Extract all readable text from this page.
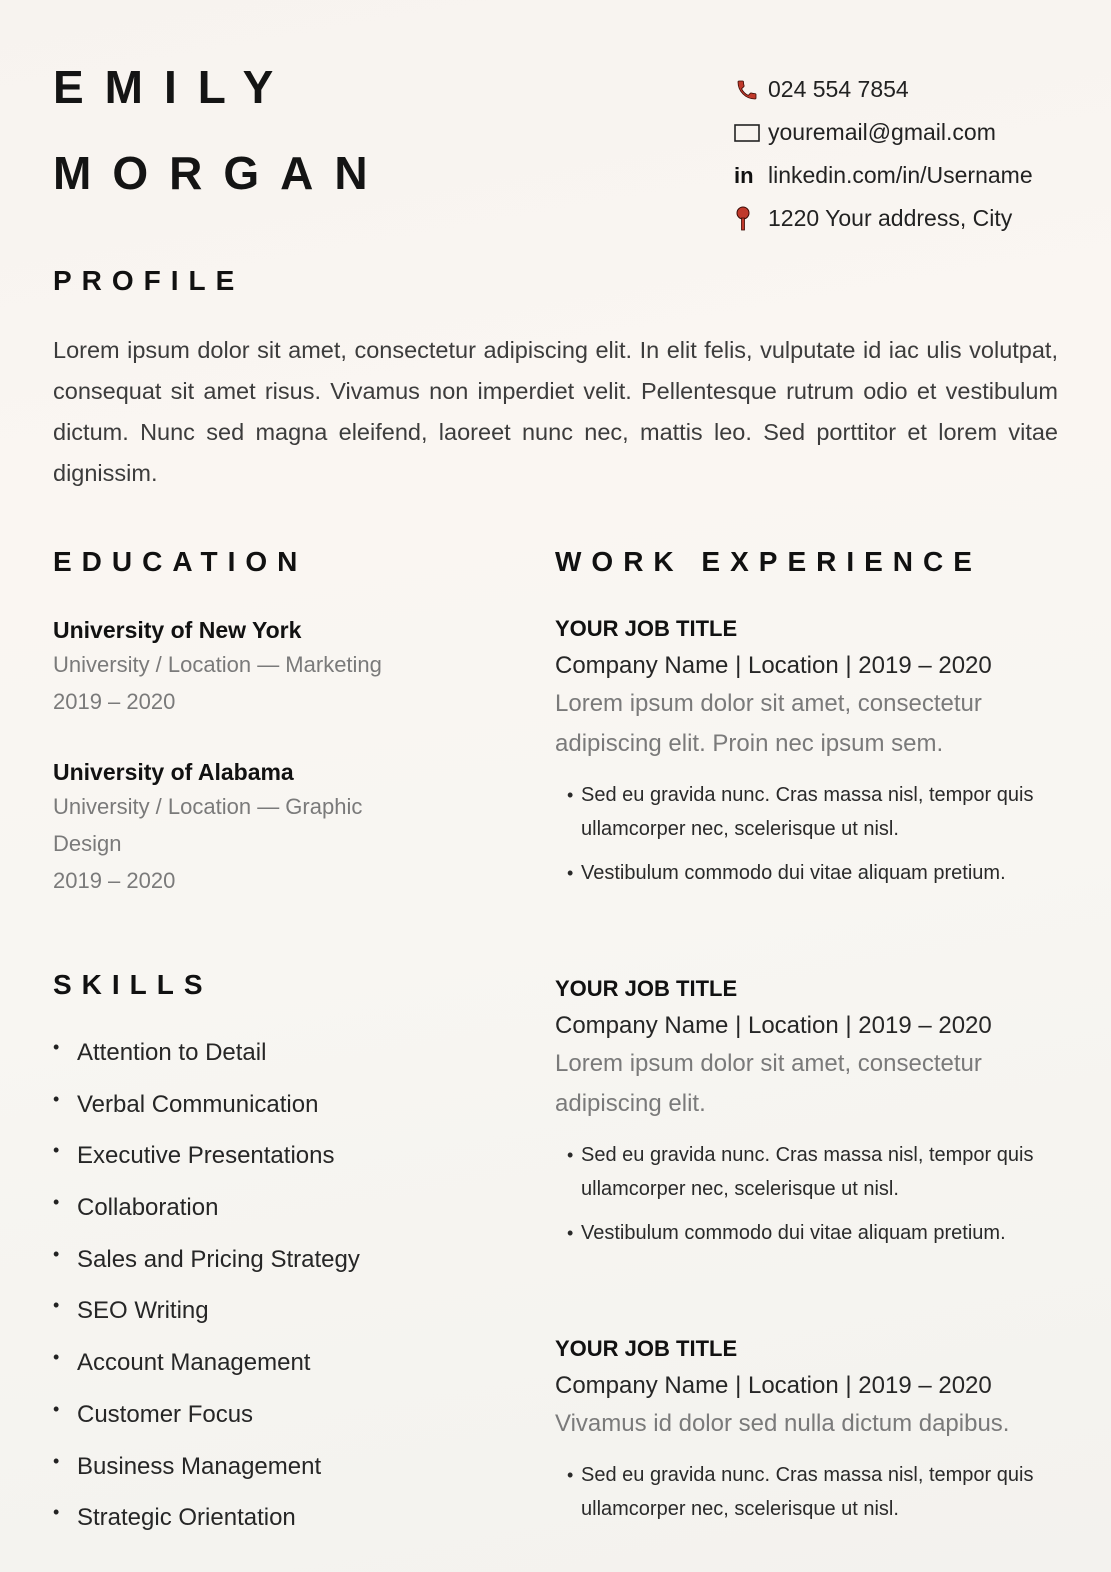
EMILY
MORGAN
024 554 7854
youremail@gmail.com
in linkedin.com/in/Username
1220 Your address, City
PROFILE
Lorem ipsum dolor sit amet, consectetur adipiscing elit. In elit felis, vulputate id iac ulis volutpat, consequat sit amet risus. Vivamus non imperdiet velit. Pellentesque rutrum odio et vestibulum dictum. Nunc sed magna eleifend, laoreet nunc nec, mattis leo. Sed porttitor et lorem vitae dignissim.
EDUCATION
University of New York
University / Location — Marketing
2019 – 2020
University of Alabama
University / Location — Graphic Design
2019 – 2020
SKILLS
• Attention to Detail
• Verbal Communication
• Executive Presentations
• Collaboration
• Sales and Pricing Strategy
• SEO Writing
• Account Management
• Customer Focus
• Business Management
• Strategic Orientation
WORK EXPERIENCE
YOUR JOB TITLE
Company Name | Location | 2019 – 2020
Lorem ipsum dolor sit amet, consectetur adipiscing elit. Proin nec ipsum sem.
• Sed eu gravida nunc. Cras massa nisl, tempor quis ullamcorper nec, scelerisque ut nisl.
• Vestibulum commodo dui vitae aliquam pretium.
YOUR JOB TITLE
Company Name | Location | 2019 – 2020
Lorem ipsum dolor sit amet, consectetur adipiscing elit.
• Sed eu gravida nunc. Cras massa nisl, tempor quis ullamcorper nec, scelerisque ut nisl.
• Vestibulum commodo dui vitae aliquam pretium.
YOUR JOB TITLE
Company Name | Location | 2019 – 2020
Vivamus id dolor sed nulla dictum dapibus.
• Sed eu gravida nunc. Cras massa nisl, tempor quis ullamcorper nec, scelerisque ut nisl.
